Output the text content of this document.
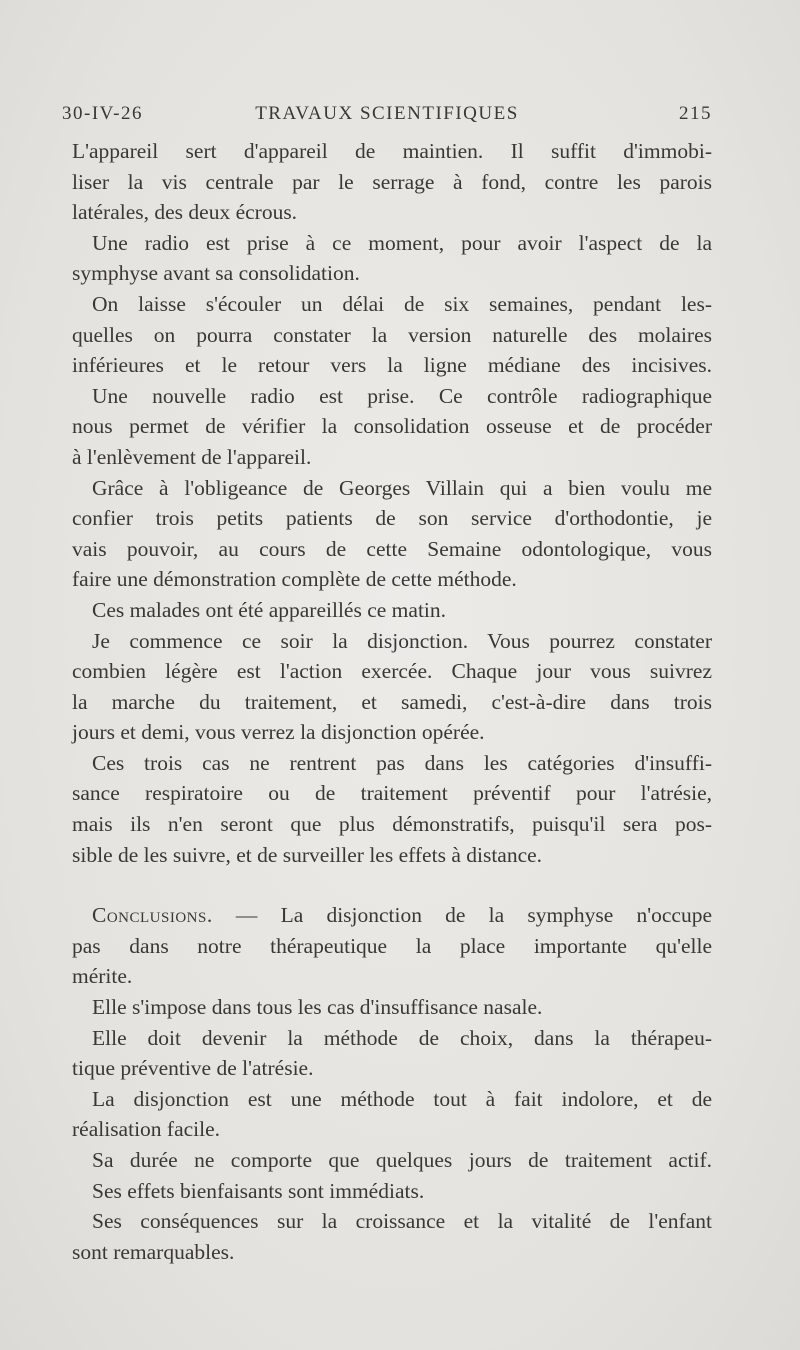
30-IV-26	TRAVAUX SCIENTIFIQUES	215
L'appareil sert d'appareil de maintien. Il suffit d'immobi-
liser la vis centrale par le serrage à fond, contre les parois
latérales, des deux écrous.
Une radio est prise à ce moment, pour avoir l'aspect de la
symphyse avant sa consolidation.
On laisse s'écouler un délai de six semaines, pendant les-
quelles on pourra constater la version naturelle des molaires
inférieures et le retour vers la ligne médiane des incisives.
Une nouvelle radio est prise. Ce contrôle radiographique
nous permet de vérifier la consolidation osseuse et de procéder
à l'enlèvement de l'appareil.
Grâce à l'obligeance de Georges Villain qui a bien voulu me
confier trois petits patients de son service d'orthodontie, je
vais pouvoir, au cours de cette Semaine odontologique, vous
faire une démonstration complète de cette méthode.
Ces malades ont été appareillés ce matin.
Je commence ce soir la disjonction. Vous pourrez constater
combien légère est l'action exercée. Chaque jour vous suivrez
la marche du traitement, et samedi, c'est-à-dire dans trois
jours et demi, vous verrez la disjonction opérée.
Ces trois cas ne rentrent pas dans les catégories d'insuffi-
sance respiratoire ou de traitement préventif pour l'atrésie,
mais ils n'en seront que plus démonstratifs, puisqu'il sera pos-
sible de les suivre, et de surveiller les effets à distance.
Conclusions. — La disjonction de la symphyse n'occupe
pas dans notre thérapeutique la place importante qu'elle
mérite.
Elle s'impose dans tous les cas d'insuffisance nasale.
Elle doit devenir la méthode de choix, dans la thérapeu-
tique préventive de l'atrésie.
La disjonction est une méthode tout à fait indolore, et de
réalisation facile.
Sa durée ne comporte que quelques jours de traitement actif.
Ses effets bienfaisants sont immédiats.
Ses conséquences sur la croissance et la vitalité de l'enfant
sont remarquables.
